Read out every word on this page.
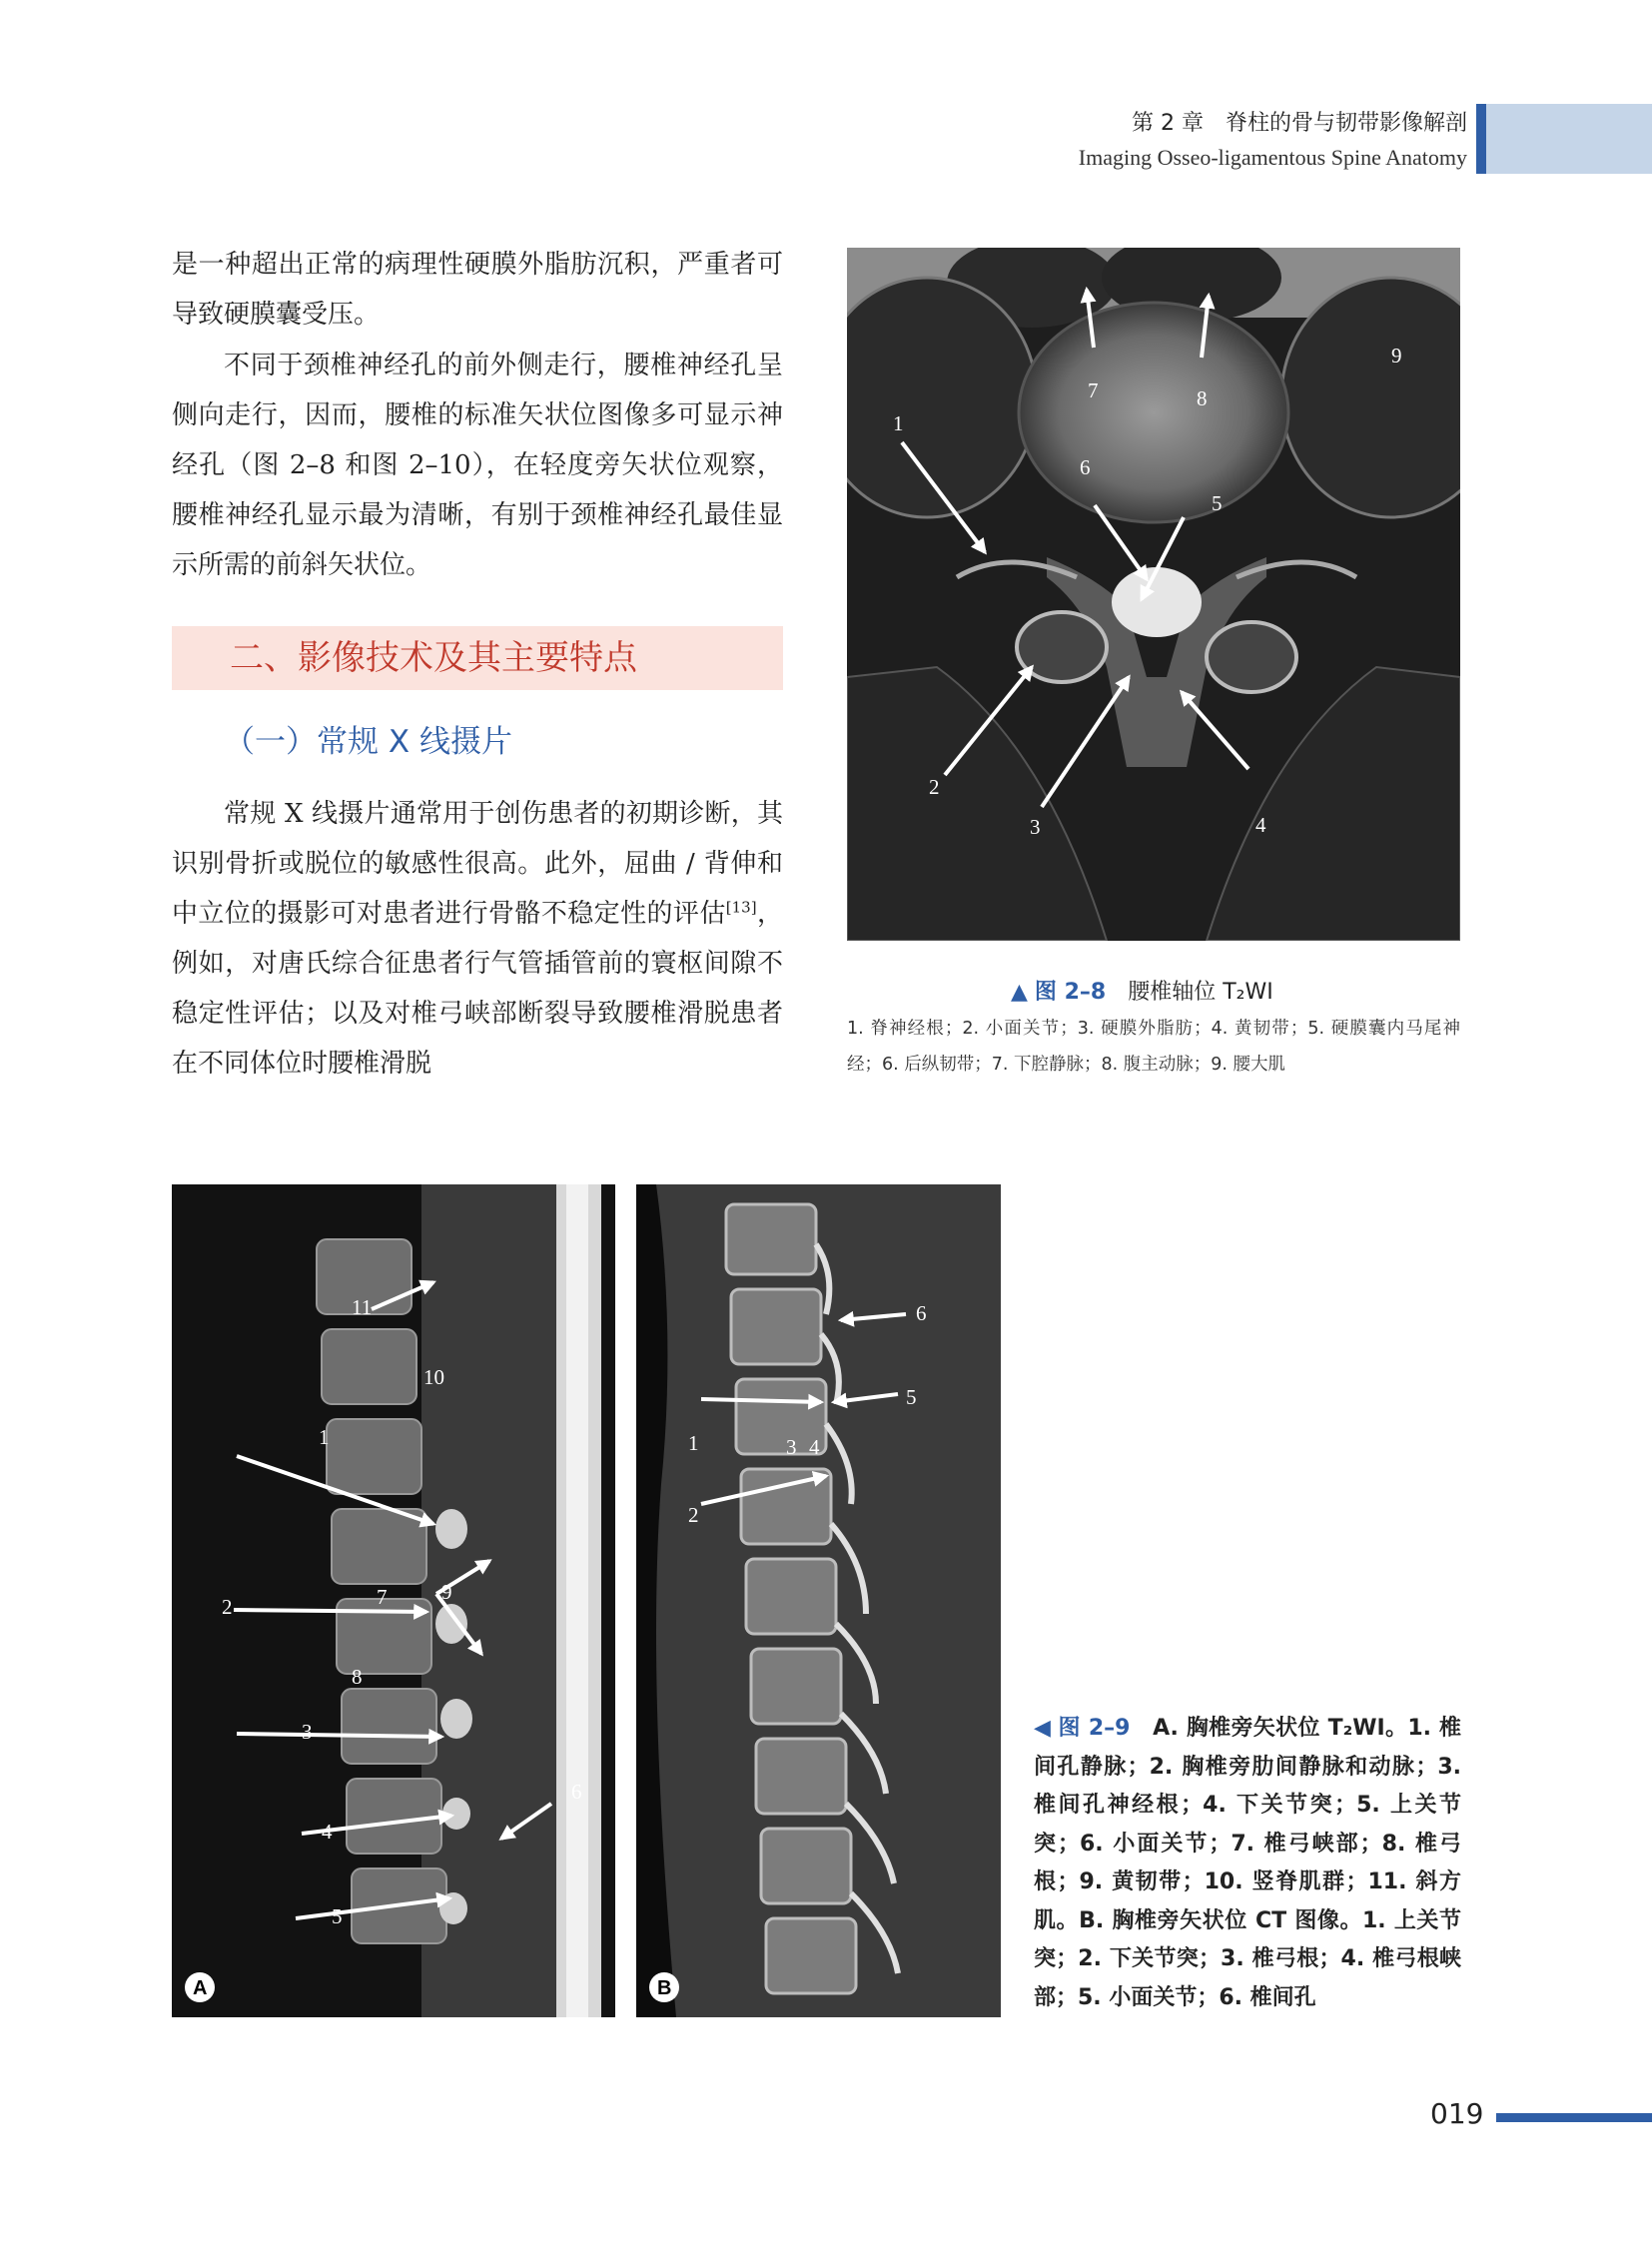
第 2 章　脊柱的骨与韧带影像解剖
Imaging Osseo-ligamentous Spine Anatomy
是一种超出正常的病理性硬膜外脂肪沉积，严重者可导致硬膜囊受压。
不同于颈椎神经孔的前外侧走行，腰椎神经孔呈侧向走行，因而，腰椎的标准矢状位图像多可显示神经孔（图 2–8 和图 2–10），在轻度旁矢状位观察，腰椎神经孔显示最为清晰，有别于颈椎神经孔最佳显示所需的前斜矢状位。
二、影像技术及其主要特点
（一）常规 X 线摄片
常规 X 线摄片通常用于创伤患者的初期诊断，其识别骨折或脱位的敏感性很高。此外，屈曲 / 背伸和中立位的摄影可对患者进行骨骼不稳定性的评估[13]，例如，对唐氏综合征患者行气管插管前的寰枢间隙不稳定性评估；以及对椎弓峡部断裂导致腰椎滑脱患者在不同体位时腰椎滑脱
1
2
3	4
5
6
7	8
9
▲ 图 2–8　 腰椎轴位 T₂WI
1. 脊神经根；2. 小面关节；3. 硬膜外脂肪；4. 黄韧带；5. 硬膜囊内马尾神经；6. 后纵韧带；7. 下腔静脉；8. 腹主动脉；9. 腰大肌
11
10
1
2	7	9
8
3
6
4
5
A
6
5
1	3 4
2
B
◀ 图 2–9　 A. 胸椎旁矢状位 T₂WI。1. 椎间孔静脉；2. 胸椎旁肋间静脉和动脉；3. 椎间孔神经根；4. 下关节突；5. 上关节突；6. 小面关节；7. 椎弓峡部；8. 椎弓根；9. 黄韧带；10. 竖脊肌群；11. 斜方肌。B. 胸椎旁矢状位 CT 图像。1. 上关节突；2. 下关节突；3. 椎弓根；4. 椎弓根峡部；5. 小面关节；6. 椎间孔
019
